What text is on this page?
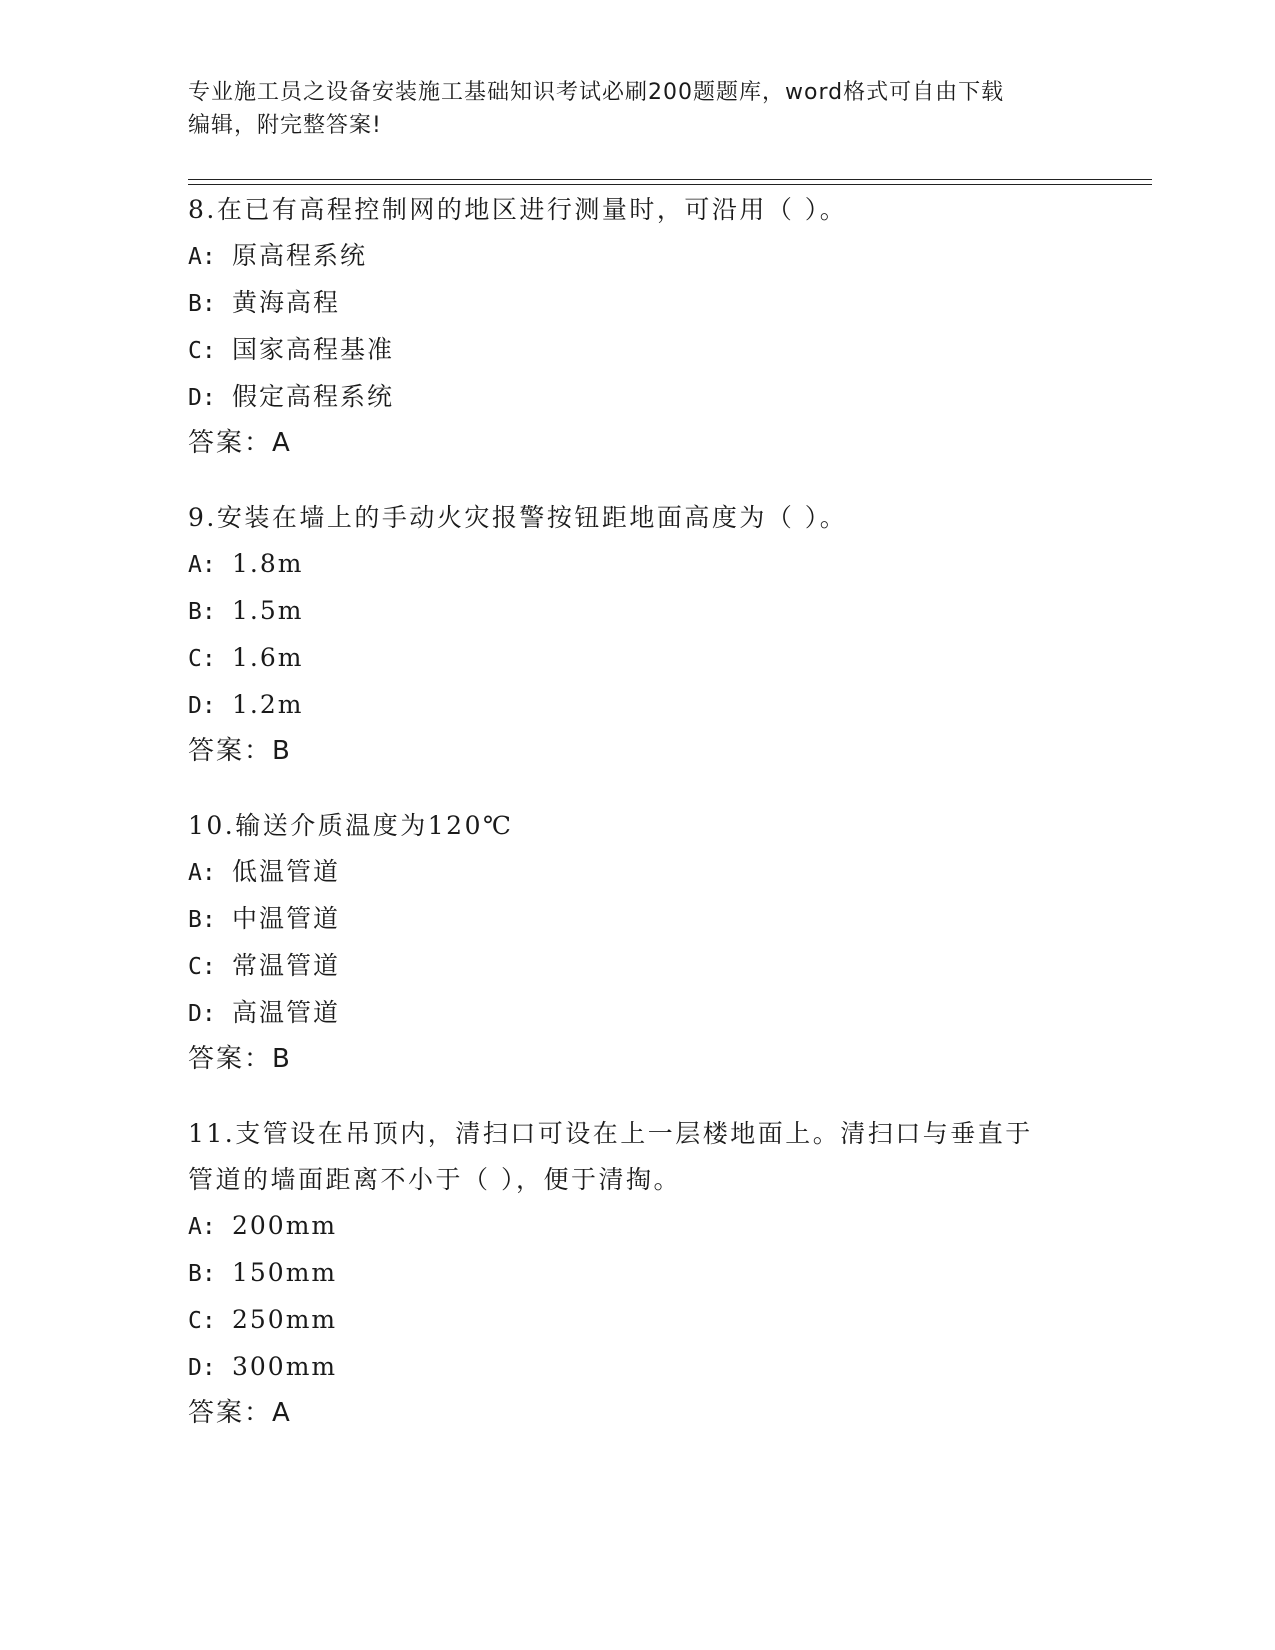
专业施工员之设备安装施工基础知识考试必刷200题题库，word格式可自由下载
编辑，附完整答案!

8.在已有高程控制网的地区进行测量时，可沿用（ ）。

A: 原高程系统

B: 黄海高程

C: 国家高程基准

D: 假定高程系统

答案：A

9.安装在墙上的手动火灾报警按钮距地面高度为（ ）。

A: 1.8m

B: 1.5m

C: 1.6m

D: 1.2m

答案：B

10.输送介质温度为120℃

A: 低温管道

B: 中温管道

C: 常温管道

D: 高温管道

答案：B

11.支管设在吊顶内，清扫口可设在上一层楼地面上。清扫口与垂直于

管道的墙面距离不小于（ ），便于清掏。

A: 200mm

B: 150mm

C: 250mm

D: 300mm

答案：A
